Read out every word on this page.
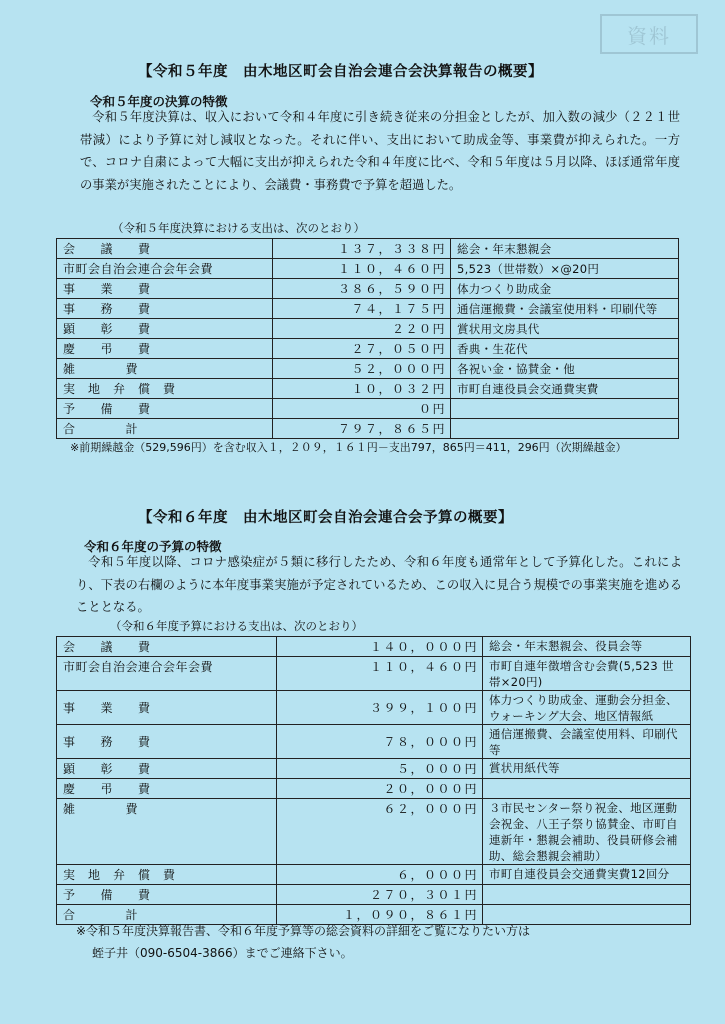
資料
【令和５年度　由木地区町会自治会連合会決算報告の概要】
令和５年度の決算の特徴

令和５年度決算は、収入において令和４年度に引き続き従来の分担金としたが、加入数の減少（２２１世帯減）により予算に対し減収となった。それに伴い、支出において助成金等、事業費が抑えられた。一方で、コロナ自粛によって大幅に支出が抑えられた令和４年度に比べ、令和５年度は５月以降、ほぼ通常年度の事業が実施されたことにより、会議費・事務費で予算を超過した。

（令和５年度決算における支出は、次のとおり）
会　　議　　費	１３７，３３８円	総会・年末懇親会
市町会自治会連合会年会費	１１０，４６０円	5,523（世帯数）×@20円
事　　業　　費	３８６，５９０円	体力つくり助成金
事　　務　　費	７４，１７５円	通信運搬費・会議室使用料・印刷代等
顕　　彰　　費	２２０円	賞状用文房具代
慶　　弔　　費	２７，０５０円	香典・生花代
雑　　　　費	５２，０００円	各祝い金・協賛金・他
実　地　弁　償　費	１０，０３２円	市町自連役員会交通費実費
予　　備　　費	０円	
合　　　　計	７９７，８６５円	

※前期繰越金（529,596円）を含む収入１，２０９，１６１円－支出797，865円＝411，296円（次期繰越金）

【令和６年度　由木地区町会自治会連合会予算の概要】
令和６年度の予算の特徴

令和５年度以降、コロナ感染症が５類に移行したため、令和６年度も通常年として予算化した。これにより、下表の右欄のように本年度事業実施が予定されているため、この収入に見合う規模での事業実施を進めることとなる。

（令和６年度予算における支出は、次のとおり）
会　　議　　費	１４０，０００円	総会・年末懇親会、役員会等
市町会自治会連合会年会費	１１０，４６０円	市町自連年徴増含む会費(5,523 世帯×20円)
事　　業　　費	３９９，１００円	体力つくり助成金、運動会分担金、ウォーキング大会、地区情報紙
事　　務　　費	７８，０００円	通信運搬費、会議室使用料、印刷代等
顕　　彰　　費	５，０００円	賞状用紙代等
慶　　弔　　費	２０，０００円	
雑　　　　費	６２，０００円	３市民センター祭り祝金、地区運動会祝金、八王子祭り協賛金、市町自連新年・懇親会補助、役員研修会補助、総会懇親会補助）
実　地　弁　償　費	６，０００円	市町自連役員会交通費実費12回分
予　　備　　費	２７０，３０１円	
合　　　　計	１，０９０，８６１円	

※令和５年度決算報告書、令和６年度予算等の総会資料の詳細をご覧になりたい方は

蛭子井（090-6504-3866）までご連絡下さい。
